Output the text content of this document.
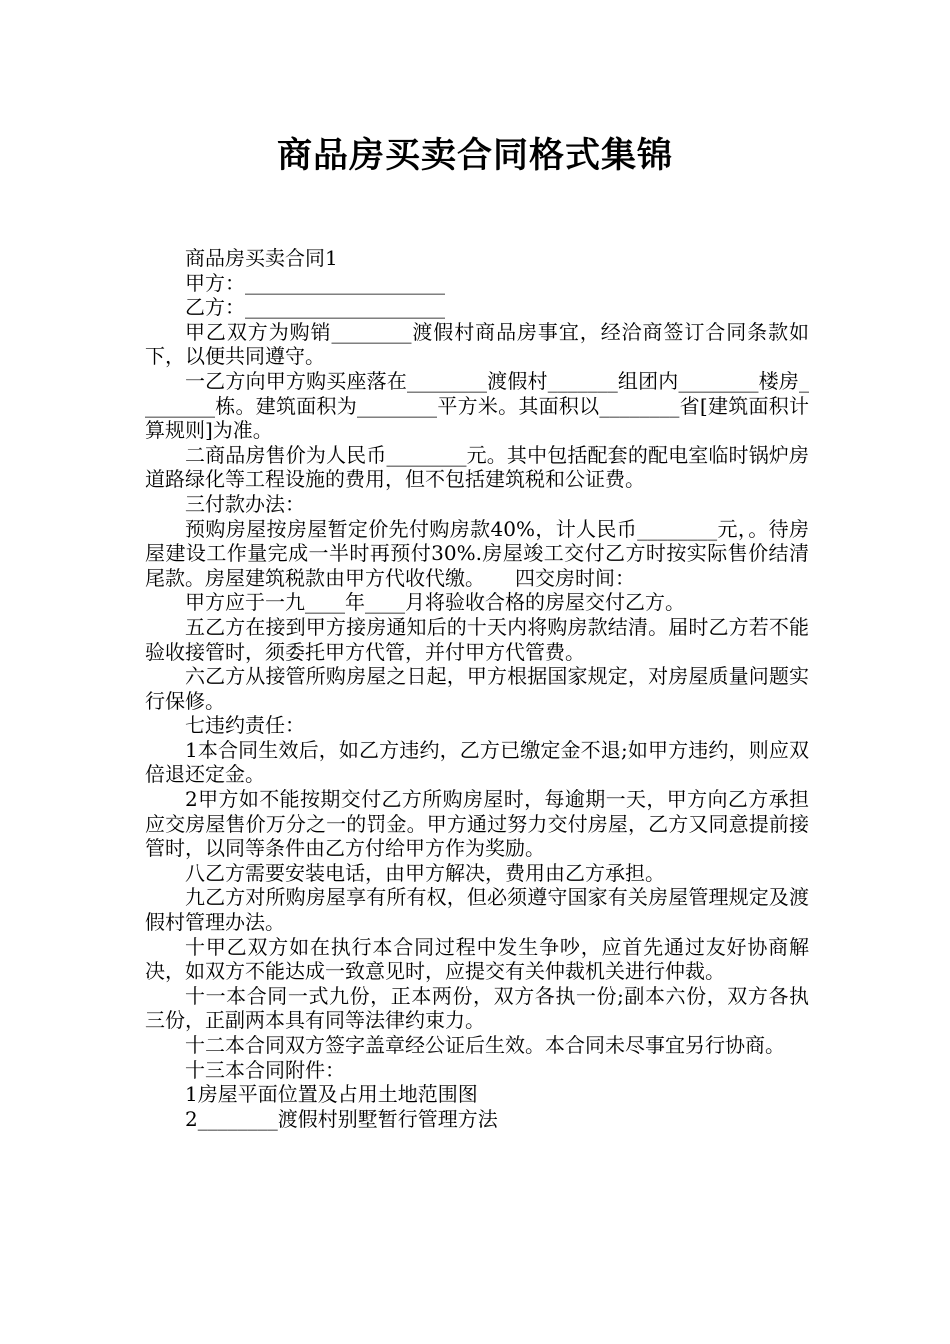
商品房买卖合同格式集锦

商品房买卖合同1

甲方：____________________

乙方：____________________

甲乙双方为购销________渡假村商品房事宜，经洽商签订合同条款如下，以便共同遵守。

一乙方向甲方购买座落在________渡假村_______组团内________楼房________栋。建筑面积为________平方米。其面积以________省[建筑面积计算规则]为准。

二商品房售价为人民币________元。其中包括配套的配电室临时锅炉房道路绿化等工程设施的费用，但不包括建筑税和公证费。

三付款办法：

预购房屋按房屋暂定价先付购房款40%，计人民币________元，。待房屋建设工作量完成一半时再预付30%.房屋竣工交付乙方时按实际售价结清尾款。房屋建筑税款由甲方代收代缴。　　四交房时间：

甲方应于一九____年____月将验收合格的房屋交付乙方。

五乙方在接到甲方接房通知后的十天内将购房款结清。届时乙方若不能验收接管时，须委托甲方代管，并付甲方代管费。

六乙方从接管所购房屋之日起，甲方根据国家规定，对房屋质量问题实行保修。

七违约责任：

1本合同生效后，如乙方违约，乙方已缴定金不退;如甲方违约，则应双倍退还定金。

2甲方如不能按期交付乙方所购房屋时，每逾期一天，甲方向乙方承担应交房屋售价万分之一的罚金。甲方通过努力交付房屋，乙方又同意提前接管时，以同等条件由乙方付给甲方作为奖励。

八乙方需要安装电话，由甲方解决，费用由乙方承担。

九乙方对所购房屋享有所有权，但必须遵守国家有关房屋管理规定及渡假村管理办法。

十甲乙双方如在执行本合同过程中发生争吵，应首先通过友好协商解决，如双方不能达成一致意见时，应提交有关仲裁机关进行仲裁。

十一本合同一式九份，正本两份，双方各执一份;副本六份，双方各执三份，正副两本具有同等法律约束力。

十二本合同双方签字盖章经公证后生效。本合同未尽事宜另行协商。

十三本合同附件：

1房屋平面位置及占用土地范围图

2________渡假村别墅暂行管理方法
